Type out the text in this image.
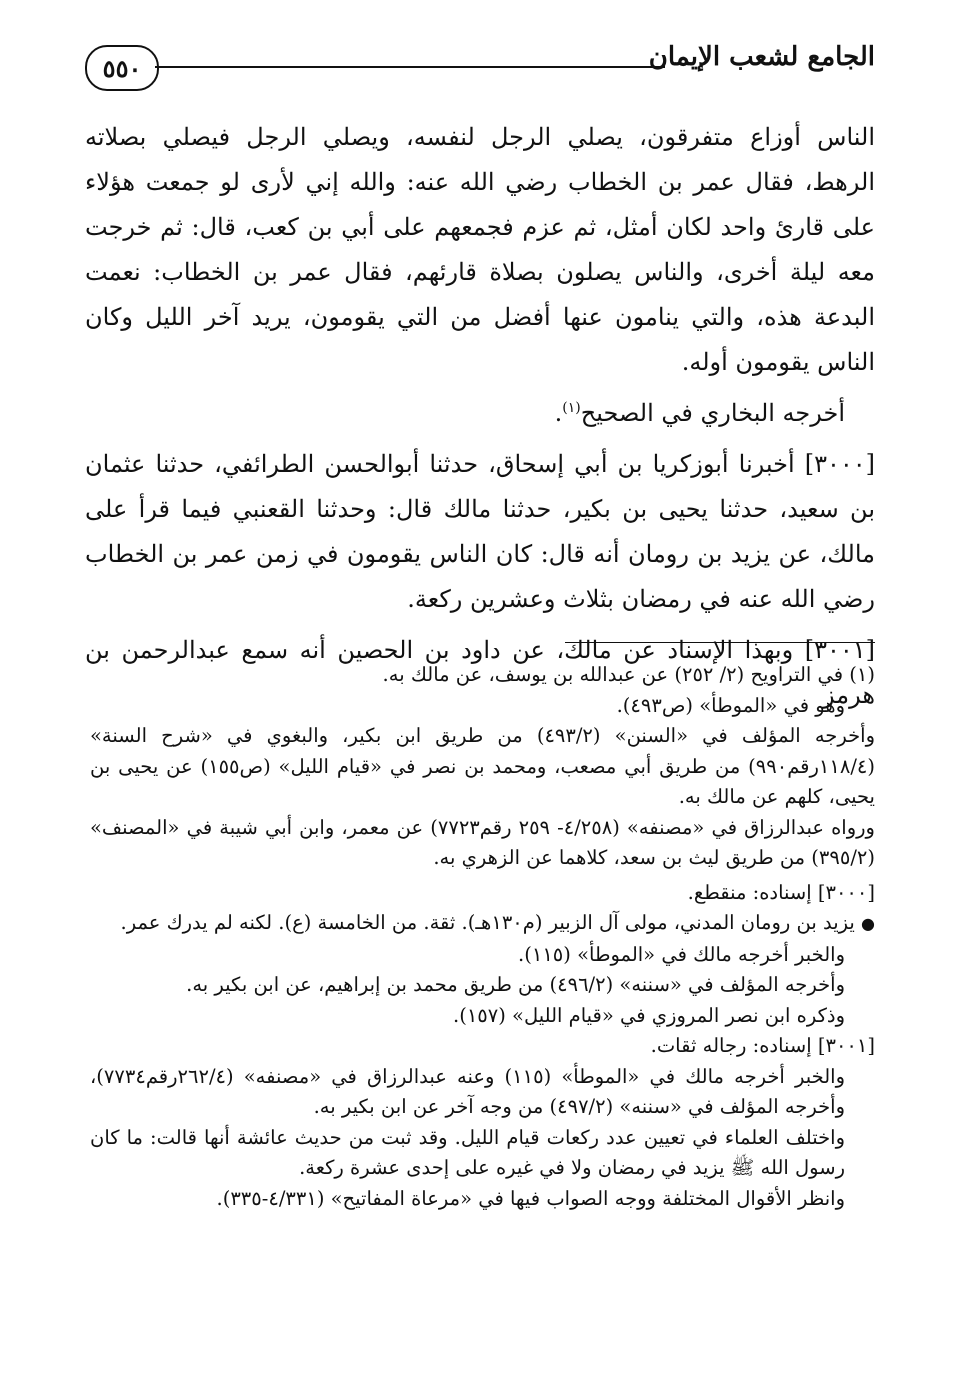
٥٥٠	الجامع لشعب الإيمان

الناس أوزاع متفرقون، يصلي الرجل لنفسه، ويصلي الرجل فيصلي بصلاته الرهط، فقال عمر بن الخطاب رضي الله عنه: والله إني لأرى لو جمعت هؤلاء على قارئ واحد لكان أمثل، ثم عزم فجمعهم على أبي بن كعب، قال: ثم خرجت معه ليلة أخرى، والناس يصلون بصلاة قارئهم، فقال عمر بن الخطاب: نعمت البدعة هذه، والتي ينامون عنها أفضل من التي يقومون، يريد آخر الليل وكان الناس يقومون أوله.

أخرجه البخاري في الصحيح$^{(١)}$.

[٣٠٠٠] أخبرنا أبوزكريا بن أبي إسحاق، حدثنا أبوالحسن الطرائفي، حدثنا عثمان بن سعيد، حدثنا يحيى بن بكير، حدثنا مالك قال: وحدثنا القعنبي فيما قرأ على مالك، عن يزيد بن رومان أنه قال: كان الناس يقومون في زمن عمر بن الخطاب رضي الله عنه في رمضان بثلاث وعشرين ركعة.

[٣٠٠١] وبهذا الإسناد عن مالك، عن داود بن الحصين أنه سمع عبدالرحمن بن هرمز

(١) في التراويح (٢/ ٢٥٢) عن عبدالله بن يوسف، عن مالك به.

وهو في «الموطأ» (ص٤٩٣).

وأخرجه المؤلف في «السنن» (٤٩٣/٢) من طريق ابن بكير، والبغوي في «شرح السنة» (١١٨/٤رقم٩٩٠) من طريق أبي مصعب، ومحمد بن نصر في «قيام الليل» (ص١٥٥) عن يحيى بن يحيى، كلهم عن مالك به.

ورواه عبدالرزاق في «مصنفه» (٤/٢٥٨- ٢٥٩ رقم٧٧٢٣) عن معمر، وابن أبي شيبة في «المصنف» (٣٩٥/٢) من طريق ليث بن سعد، كلاهما عن الزهري به.

[٣٠٠٠] إسناده: منقطع.

● يزيد بن رومان المدني، مولى آل الزبير (م١٣٠هـ). ثقة. من الخامسة (ع). لكنه لم يدرك عمر.

والخبر أخرجه مالك في «الموطأ» (١١٥).

وأخرجه المؤلف في «سننه» (٤٩٦/٢) من طريق محمد بن إبراهيم، عن ابن بكير به.

وذكره ابن نصر المروزي في «قيام الليل» (١٥٧).

[٣٠٠١] إسناده: رجاله ثقات.

والخبر أخرجه مالك في «الموطأ» (١١٥) وعنه عبدالرزاق في «مصنفه» (٢٦٢/٤رقم٧٧٣٤)، وأخرجه المؤلف في «سننه» (٤٩٧/٢) من وجه آخر عن ابن بكير به.

واختلف العلماء في تعيين عدد ركعات قيام الليل. وقد ثبت من حديث عائشة أنها قالت: ما كان رسول الله ﷺ يزيد في رمضان ولا في غيره على إحدى عشرة ركعة.

وانظر الأقوال المختلفة ووجه الصواب فيها في «مرعاة المفاتيح» (٤/٣٣١-٣٣٥).
